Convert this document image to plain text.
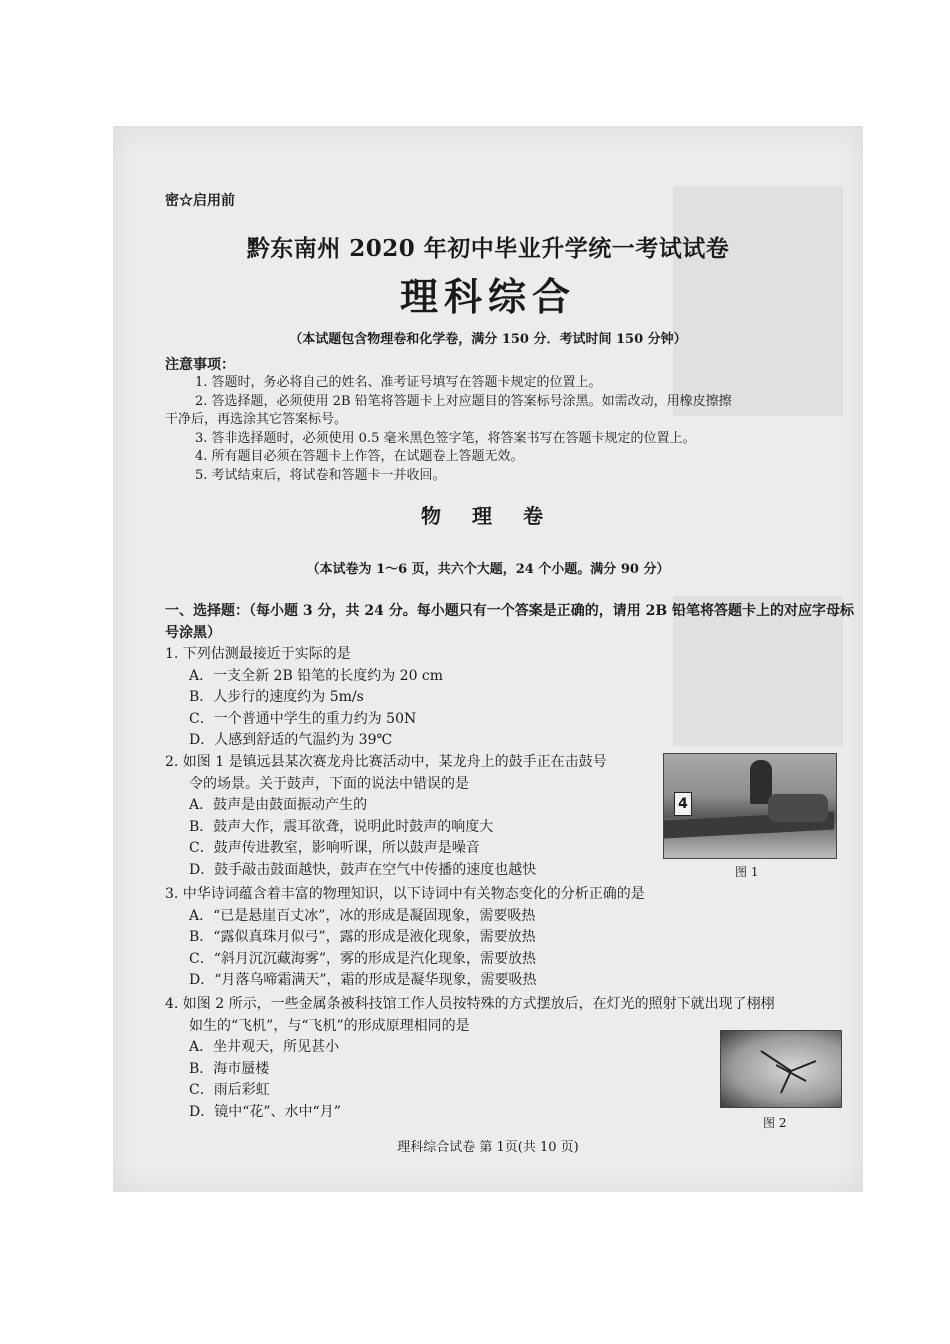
密☆启用前
黔东南州 2020 年初中毕业升学统一考试试卷
理科综合
（本试题包含物理卷和化学卷，满分 150 分．考试时间 150 分钟）
注意事项：
1. 答题时，务必将自己的姓名、准考证号填写在答题卡规定的位置上。
2. 答选择题，必须使用 2B 铅笔将答题卡上对应题目的答案标号涂黑。如需改动，用橡皮擦擦
干净后，再选涂其它答案标号。
3. 答非选择题时，必须使用 0.5 毫米黑色签字笔，将答案书写在答题卡规定的位置上。
4. 所有题目必须在答题卡上作答，在试题卷上答题无效。
5. 考试结束后，将试卷和答题卡一并收回。
物 理 卷
（本试卷为 1～6 页，共六个大题，24 个小题。满分 90 分）
一、选择题：（每小题 3 分，共 24 分。每小题只有一个答案是正确的，请用 2B 铅笔将答题卡上的对应字母标号涂黑）
1. 下列估测最接近于实际的是
A．一支全新 2B 铅笔的长度约为 20 cm
B．人步行的速度约为 5m/s
C．一个普通中学生的重力约为 50N
D．人感到舒适的气温约为 39℃
2. 如图 1 是镇远县某次赛龙舟比赛活动中，某龙舟上的鼓手正在击鼓号
令的场景。关于鼓声，下面的说法中错误的是
A．鼓声是由鼓面振动产生的
B．鼓声大作，震耳欲聋，说明此时鼓声的响度大
C．鼓声传进教室，影响听课，所以鼓声是噪音
D．鼓手敲击鼓面越快，鼓声在空气中传播的速度也越快
4
图 1
3. 中华诗词蕴含着丰富的物理知识，以下诗词中有关物态变化的分析正确的是
A．“已是悬崖百丈冰”，冰的形成是凝固现象，需要吸热
B．“露似真珠月似弓”，露的形成是液化现象，需要放热
C．“斜月沉沉藏海雾”，雾的形成是汽化现象，需要放热
D．“月落乌啼霜满天”，霜的形成是凝华现象，需要吸热
4. 如图 2 所示，一些金属条被科技馆工作人员按特殊的方式摆放后，在灯光的照射下就出现了栩栩
如生的“飞机”，与“飞机”的形成原理相同的是
A．坐井观天，所见甚小
B．海市蜃楼
C．雨后彩虹
D．镜中“花”、水中“月”
图 2
理科综合试卷 第 1页(共 10 页)
